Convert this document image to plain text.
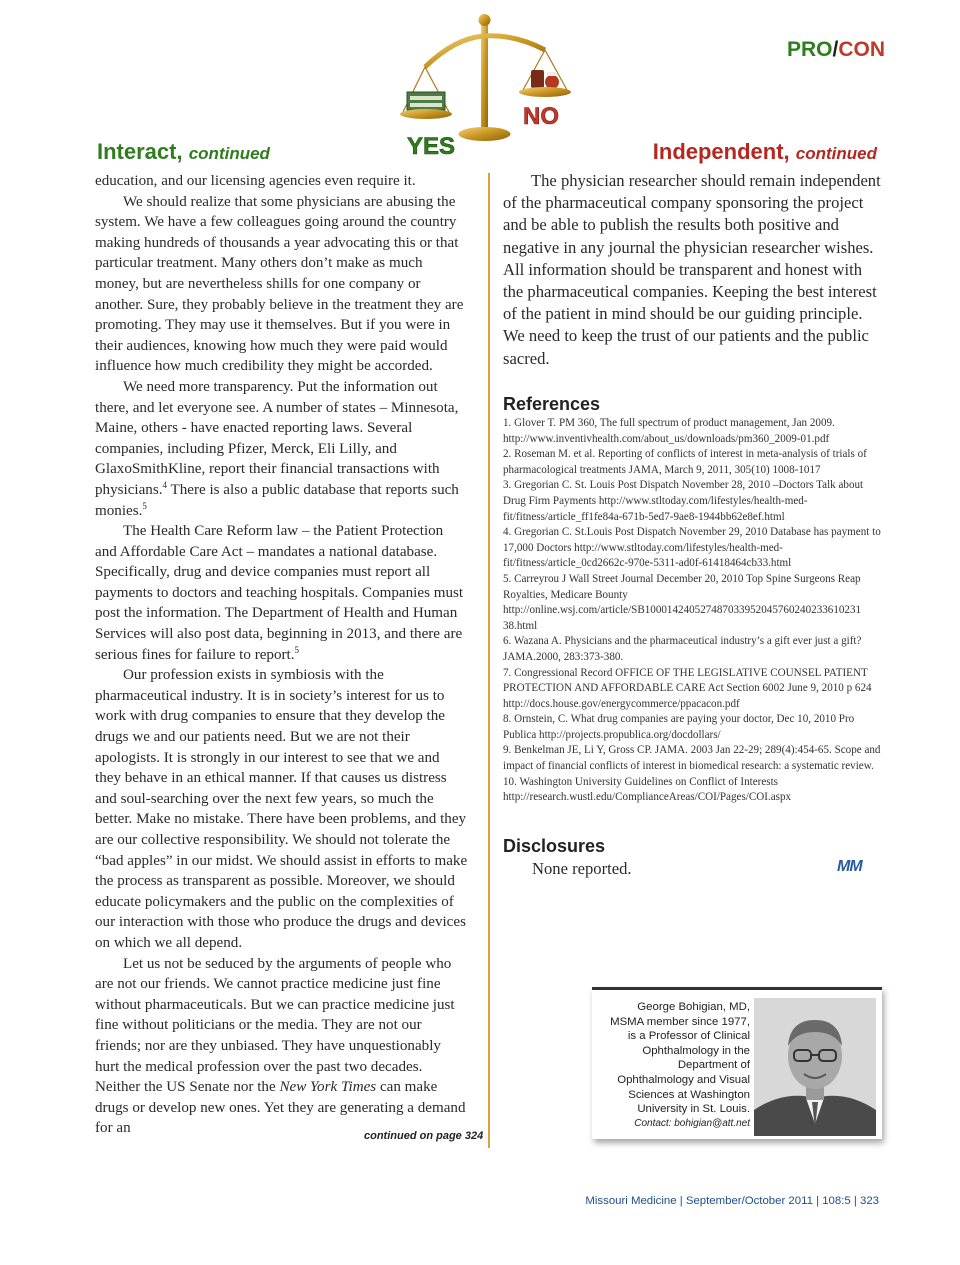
PRO/CON
YES
NO
Interact, continued	Independent, continued

education, and our licensing agencies even require it.

We should realize that some physicians are abusing the system. We have a few colleagues going around the country making hundreds of thousands a year advocating this or that particular treatment. Many others don’t make as much money, but are nevertheless shills for one company or another. Sure, they probably believe in the treatment they are promoting. They may use it themselves. But if you were in their audiences, knowing how much they were paid would influence how much credibility they might be accorded.

We need more transparency. Put the information out there, and let everyone see. A number of states – Minnesota, Maine, others - have enacted reporting laws. Several companies, including Pfizer, Merck, Eli Lilly, and GlaxoSmithKline, report their financial transactions with physicians.$^4$ There is also a public database that reports such monies.$^5$

The Health Care Reform law – the Patient Protection and Affordable Care Act – mandates a national database. Specifically, drug and device companies must report all payments to doctors and teaching hospitals. Companies must post the information. The Department of Health and Human Services will also post data, beginning in 2013, and there are serious fines for failure to report.$^5$

Our profession exists in symbiosis with the pharmaceutical industry. It is in society’s interest for us to work with drug companies to ensure that they develop the drugs we and our patients need. But we are not their apologists. It is strongly in our interest to see that we and they behave in an ethical manner. If that causes us distress and soul-searching over the next few years, so much the better. Make no mistake. There have been problems, and they are our collective responsibility. We should not tolerate the “bad apples” in our midst. We should assist in efforts to make the process as transparent as possible. Moreover, we should educate policymakers and the public on the complexities of our interaction with those who produce the drugs and devices on which we all depend.

Let us not be seduced by the arguments of people who are not our friends. We cannot practice medicine just fine without pharmaceuticals. But we can practice medicine just fine without politicians or the media. They are not our friends; nor are they unbiased. They have unquestionably hurt the medical profession over the past two decades. Neither the US Senate nor the New York Times can make drugs or develop new ones. Yet they are generating a demand for an	continued on page 324

The physician researcher should remain independent of the pharmaceutical company sponsoring the project and be able to publish the results both positive and negative in any journal the physician researcher wishes. All information should be transparent and honest with the pharmaceutical companies. Keeping the best interest of the patient in mind should be our guiding principle. We need to keep the trust of our patients and the public sacred.

References
1. Glover T. PM 360, The full spectrum of product management, Jan 2009. http://www.inventivhealth.com/about_us/downloads/pm360_2009-01.pdf
2. Roseman M. et al. Reporting of conflicts of interest in meta-analysis of trials of pharmacological treatments JAMA, March 9, 2011, 305(10) 1008-1017
3. Gregorian C. St. Louis Post Dispatch November 28, 2010 –Doctors Talk about Drug Firm Payments http://www.stltoday.com/lifestyles/health-med-fit/fitness/article_ff1fe84a-671b-5ed7-9ae8-1944bb62e8ef.html
4. Gregorian C. St.Louis Post Dispatch November 29, 2010 Database has payment to 17,000 Doctors http://www.stltoday.com/lifestyles/health-med-fit/fitness/article_0cd2662c-970e-5311-ad0f-61418464cb33.html
5. Carreyrou J Wall Street Journal December 20, 2010 Top Spine Surgeons Reap Royalties, Medicare Bounty http://online.wsj.com/article/SB100014240527487033952045760240233610231 38.html
6. Wazana A. Physicians and the pharmaceutical industry’s a gift ever just a gift? JAMA.2000, 283:373-380.
7. Congressional Record OFFICE OF THE LEGISLATIVE COUNSEL PATIENT PROTECTION AND AFFORDABLE CARE Act Section 6002 June 9, 2010 p 624 http://docs.house.gov/energycommerce/ppacacon.pdf
8. Ornstein, C. What drug companies are paying your doctor, Dec 10, 2010 Pro Publica http://projects.propublica.org/docdollars/
9. Benkelman JE, Li Y, Gross CP. JAMA. 2003 Jan 22-29; 289(4):454-65. Scope and impact of financial conflicts of interest in biomedical research: a systematic review.
10. Washington University Guidelines on Conflict of Interests http://research.wustl.edu/ComplianceAreas/COI/Pages/COI.aspx
Disclosures
None reported.	MM
George Bohigian, MD, MSMA member since 1977, is a Professor of Clinical Ophthalmology in the Department of Ophthalmology and Visual Sciences at Washington University in St. Louis.
Contact: bohigian@att.net
Missouri Medicine | September/October 2011 | 108:5 | 323
